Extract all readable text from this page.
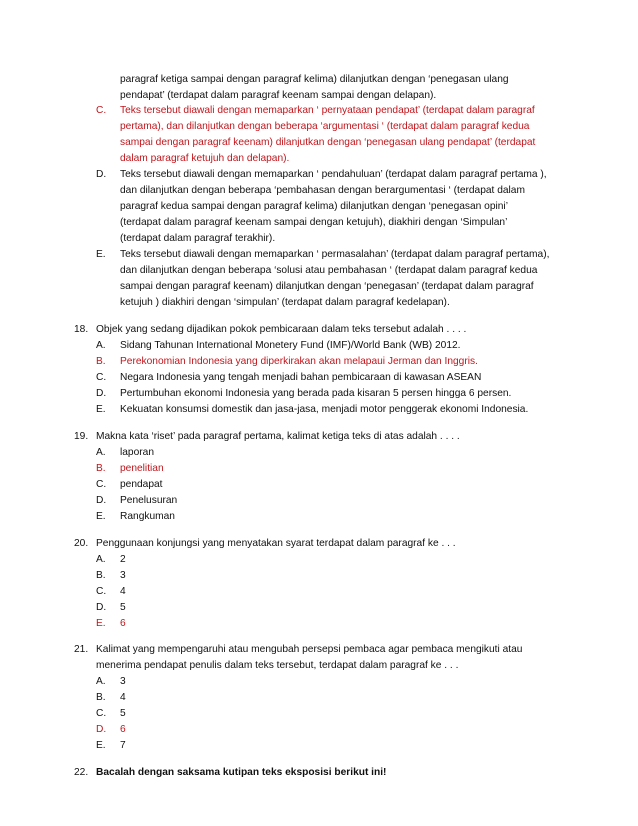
paragraf ketiga sampai dengan paragraf kelima) dilanjutkan dengan ‘penegasan ulang
pendapat’ (terdapat dalam paragraf keenam sampai dengan delapan).
C. Teks tersebut diawali dengan memaparkan ‘ pernyataan pendapat’ (terdapat dalam paragraf
pertama), dan dilanjutkan dengan beberapa ‘argumentasi ‘ (terdapat dalam paragraf kedua
sampai dengan paragraf keenam) dilanjutkan dengan ‘penegasan ulang pendapat’ (terdapat
dalam paragraf ketujuh dan delapan).
D. Teks tersebut diawali dengan memaparkan ‘ pendahuluan’ (terdapat dalam paragraf pertama ),
dan dilanjutkan dengan beberapa ‘pembahasan dengan berargumentasi ‘ (terdapat dalam
paragraf kedua sampai dengan paragraf kelima) dilanjutkan dengan ‘penegasan opini’
(terdapat dalam paragraf keenam sampai dengan ketujuh), diakhiri dengan ‘Simpulan’
(terdapat dalam paragraf terakhir).
E. Teks tersebut diawali dengan memaparkan ‘ permasalahan’ (terdapat dalam paragraf pertama),
dan dilanjutkan dengan beberapa ‘solusi atau pembahasan ‘ (terdapat dalam paragraf kedua
sampai dengan paragraf keenam) dilanjutkan dengan ‘penegasan’ (terdapat dalam paragraf
ketujuh ) diakhiri dengan ‘simpulan’ (terdapat dalam paragraf kedelapan).
18. Objek yang sedang dijadikan pokok pembicaraan dalam teks tersebut adalah . . . .
A. Sidang Tahunan International Monetery Fund (IMF)/World Bank (WB) 2012.
B. Perekonomian Indonesia yang diperkirakan akan melapaui Jerman dan Inggris.
C. Negara Indonesia yang tengah menjadi bahan pembicaraan di kawasan ASEAN
D. Pertumbuhan ekonomi Indonesia yang berada pada kisaran 5 persen hingga 6 persen.
E. Kekuatan konsumsi domestik dan jasa-jasa, menjadi motor penggerak ekonomi Indonesia.
19. Makna kata ‘riset’ pada paragraf pertama, kalimat ketiga teks di atas adalah . . . .
A. laporan
B. penelitian
C. pendapat
D. Penelusuran
E. Rangkuman
20. Penggunaan konjungsi yang menyatakan syarat terdapat dalam paragraf ke . . .
A. 2
B. 3
C. 4
D. 5
E. 6
21. Kalimat yang mempengaruhi atau mengubah persepsi pembaca agar pembaca mengikuti atau
menerima pendapat penulis dalam teks tersebut, terdapat dalam paragraf ke . . .
A. 3
B. 4
C. 5
D. 6
E. 7
22. Bacalah dengan saksama kutipan teks eksposisi berikut ini!
